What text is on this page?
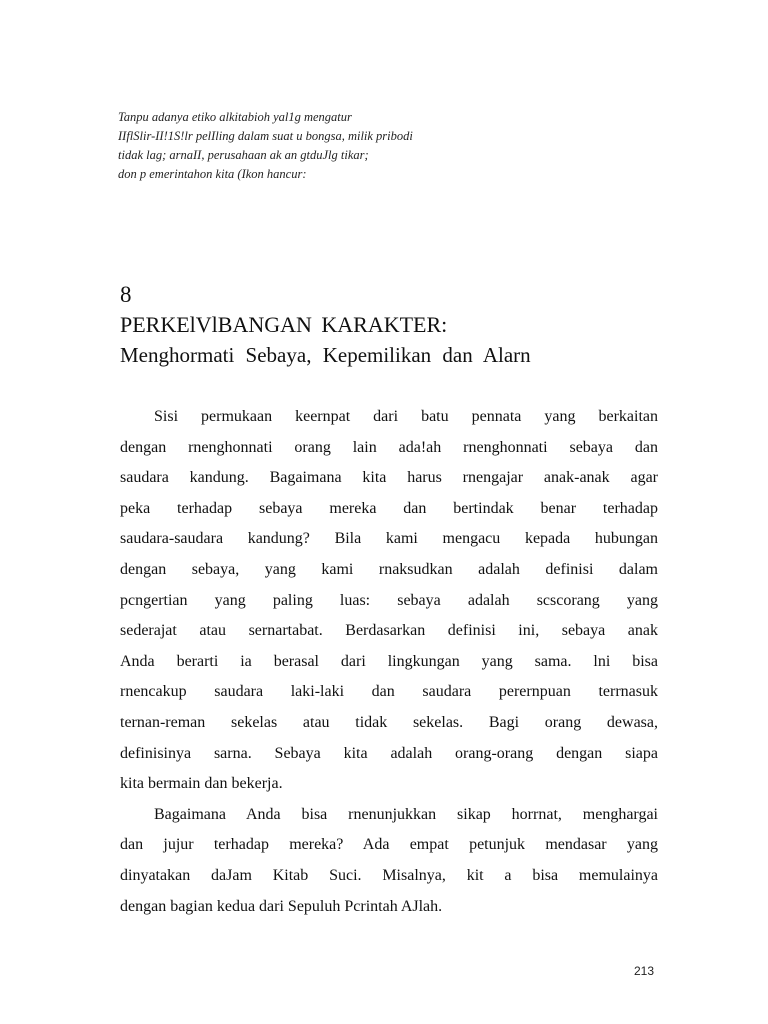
Tanpu adanya etiko alkitabioh yal1g mengatur
IIflSlir-II!1S!lr pelIling dalam suat u bongsa, milik pribodi
tidak lag; arnaII, perusahaan ak an gtduJlg tikar;
don p emerintahon kita (Ikon hancur:
8
PERKElVlBANGAN KARAKTER:
Menghormati Sebaya, Kepemilikan dan Alarn
Sisi permukaan keernpat dari batu pennata yang berkaitan
dengan rnenghonnati orang lain ada!ah rnenghonnati sebaya dan
saudara kandung. Bagaimana kita harus rnengajar anak-anak agar
peka terhadap sebaya mereka dan bertindak benar terhadap
saudara-saudara kandung? Bila kami mengacu kepada hubungan
dengan sebaya, yang kami rnaksudkan adalah definisi dalam
pcngertian yang paling luas: sebaya adalah scscorang yang
sederajat atau sernartabat. Berdasarkan definisi ini, sebaya anak
Anda berarti ia berasal dari lingkungan yang sama. lni bisa
rnencakup saudara laki-laki dan saudara perernpuan terrnasuk
ternan-reman sekelas atau tidak sekelas. Bagi orang dewasa,
definisinya sarna. Sebaya kita adalah orang-orang dengan siapa
kita bermain dan bekerja.
Bagaimana Anda bisa rnenunjukkan sikap horrnat, menghargai
dan jujur terhadap mereka? Ada empat petunjuk mendasar yang
dinyatakan daJam Kitab Suci. Misalnya, kit a bisa memulainya
dengan bagian kedua dari Sepuluh Pcrintah AJlah.
213
